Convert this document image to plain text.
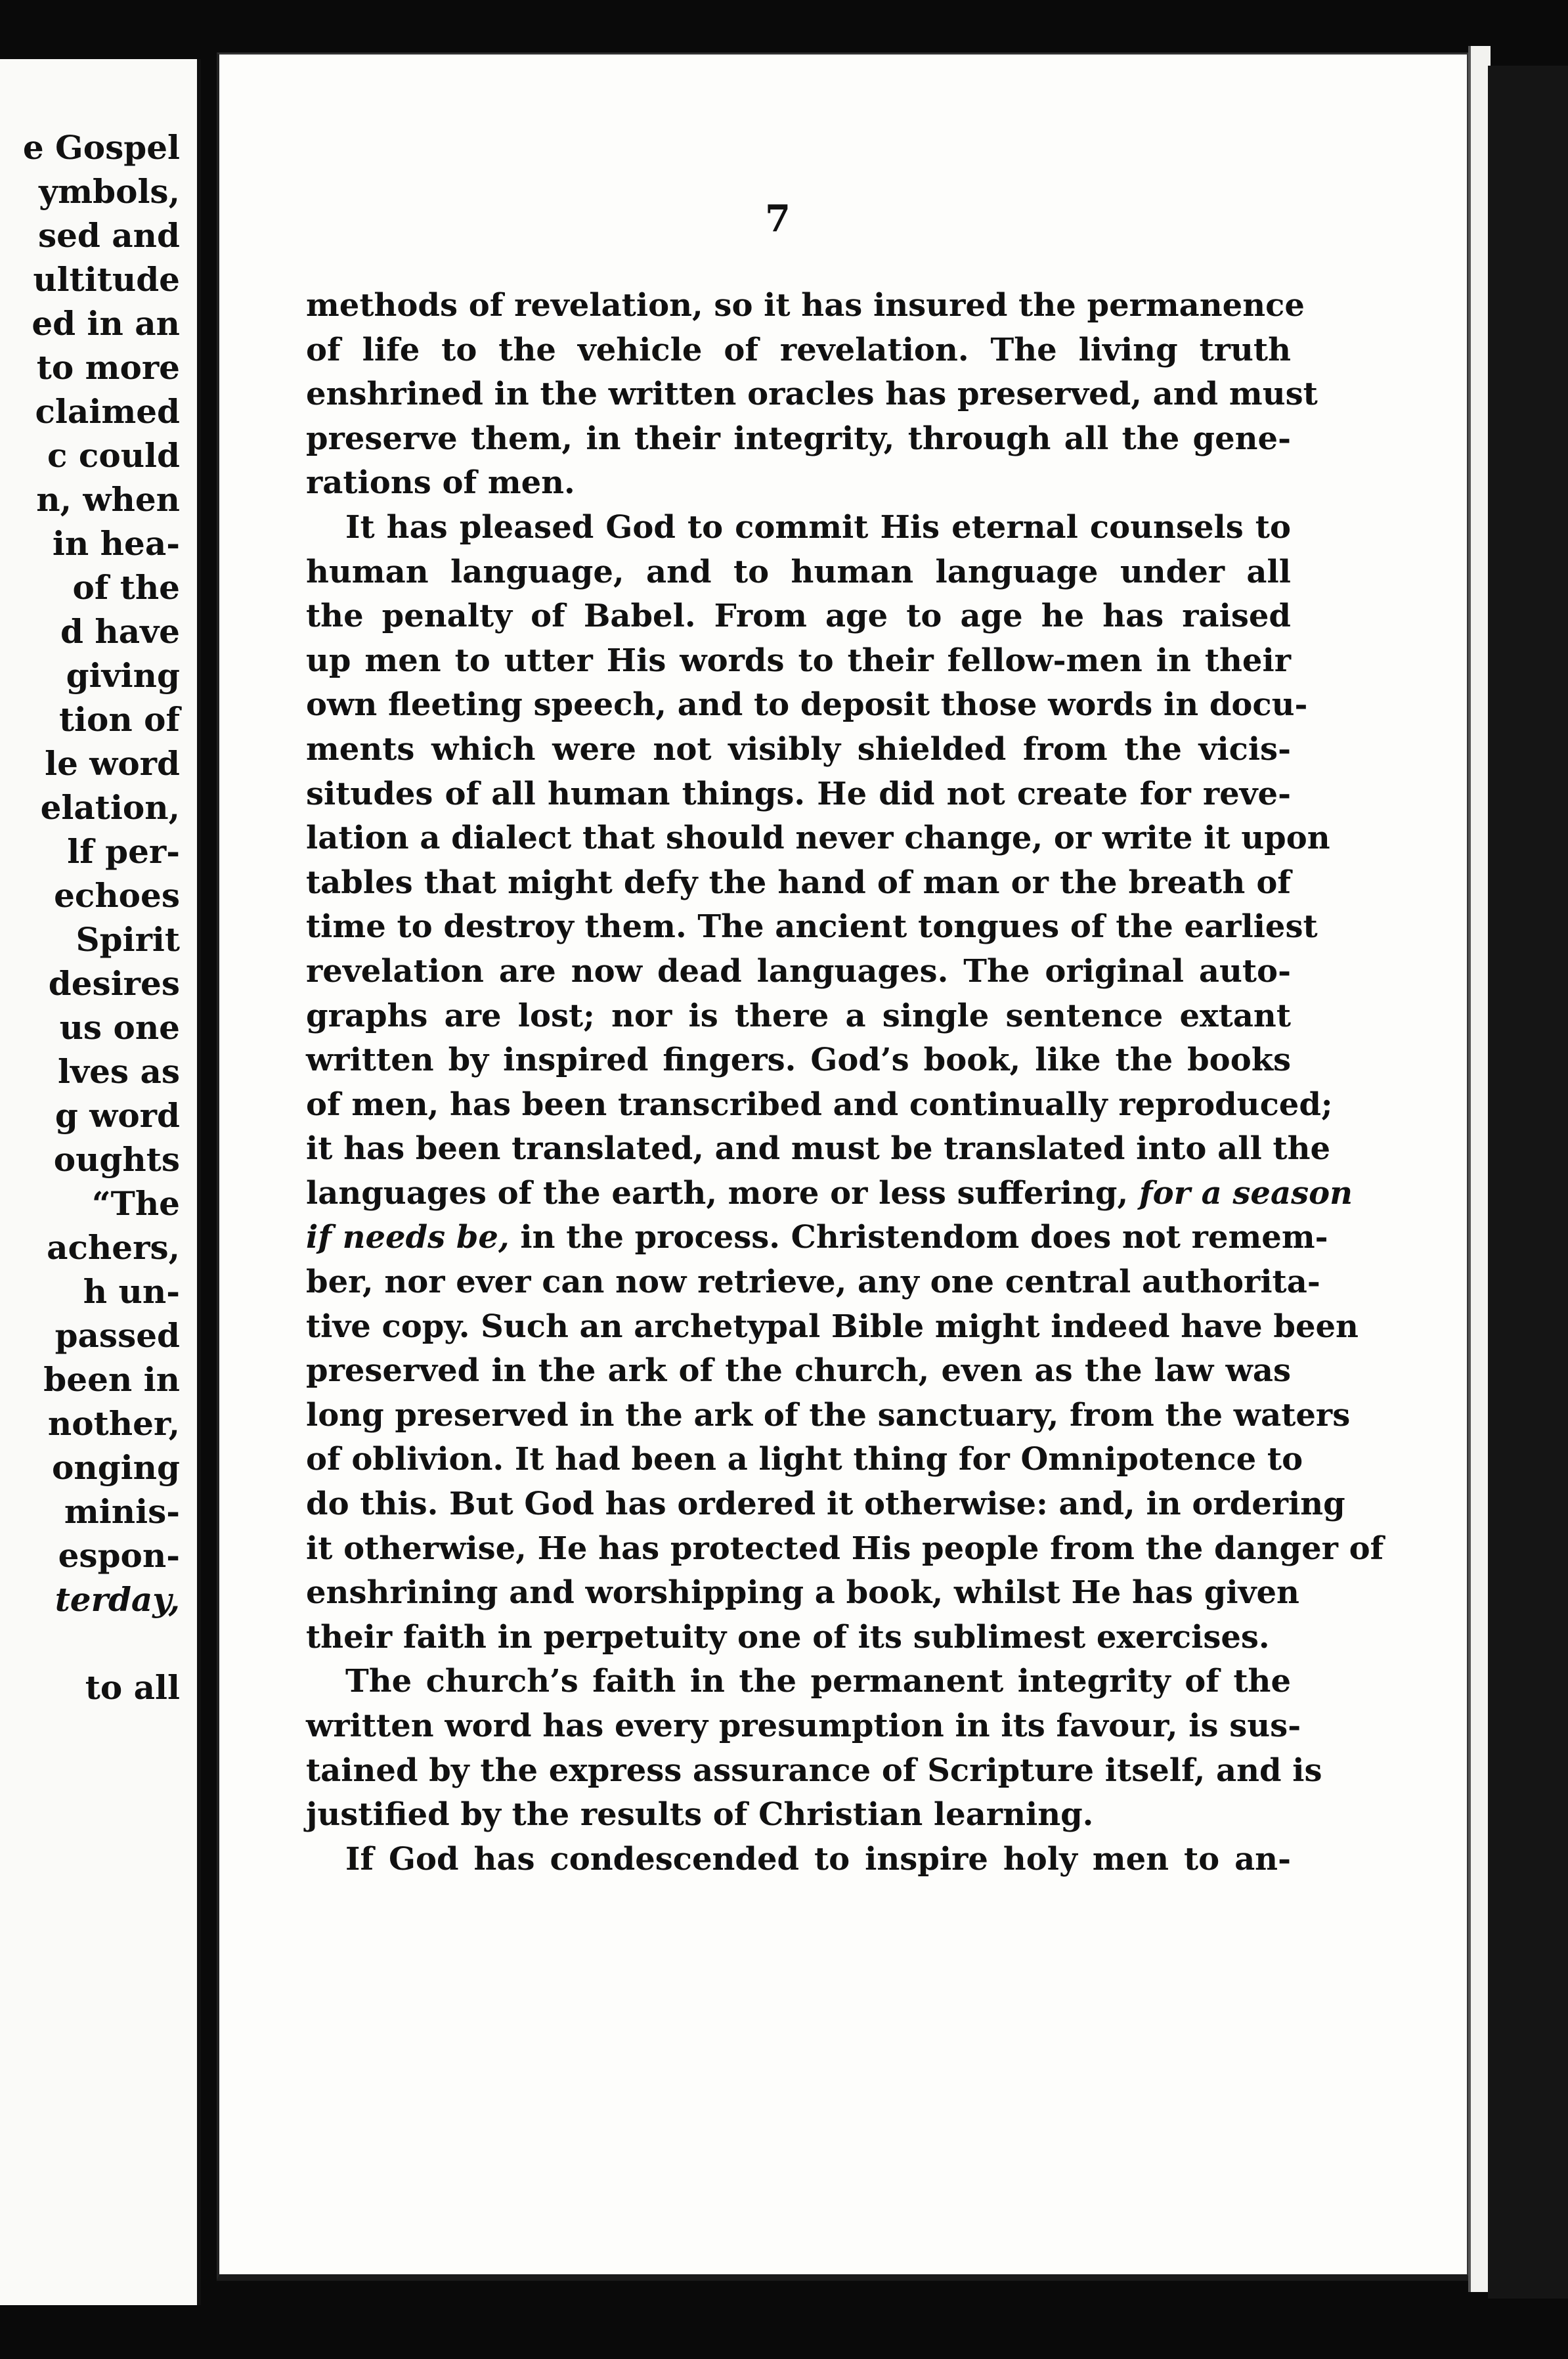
e Gospel
ymbols,
sed and
ultitude
ed in an
to more
claimed
c could
n, when
in hea-
of the
d have
giving
tion of
le word
elation,
lf per-
echoes
Spirit
desires
us one
lves as
g word
oughts
“The
achers,
h un-
passed
been in
nother,
onging
minis-
espon-
terday,
to all
7
methods of revelation, so it has insured the permanence
of life to the vehicle of revelation. The living truth
enshrined in the written oracles has preserved, and must
preserve them, in their integrity, through all the gene-
rations of men.
It has pleased God to commit His eternal counsels to
human language, and to human language under all
the penalty of Babel. From age to age he has raised
up men to utter His words to their fellow-men in their
own fleeting speech, and to deposit those words in docu-
ments which were not visibly shielded from the vicis-
situdes of all human things. He did not create for reve-
lation a dialect that should never change, or write it upon
tables that might defy the hand of man or the breath of
time to destroy them. The ancient tongues of the earliest
revelation are now dead languages. The original auto-
graphs are lost; nor is there a single sentence extant
written by inspired fingers. God’s book, like the books
of men, has been transcribed and continually reproduced;
it has been translated, and must be translated into all the
languages of the earth, more or less suffering, for a season
if needs be, in the process. Christendom does not remem-
ber, nor ever can now retrieve, any one central authorita-
tive copy. Such an archetypal Bible might indeed have been
preserved in the ark of the church, even as the law was
long preserved in the ark of the sanctuary, from the waters
of oblivion. It had been a light thing for Omnipotence to
do this. But God has ordered it otherwise: and, in ordering
it otherwise, He has protected His people from the danger of
enshrining and worshipping a book, whilst He has given
their faith in perpetuity one of its sublimest exercises.
The church’s faith in the permanent integrity of the
written word has every presumption in its favour, is sus-
tained by the express assurance of Scripture itself, and is
justified by the results of Christian learning.
If God has condescended to inspire holy men to an-
